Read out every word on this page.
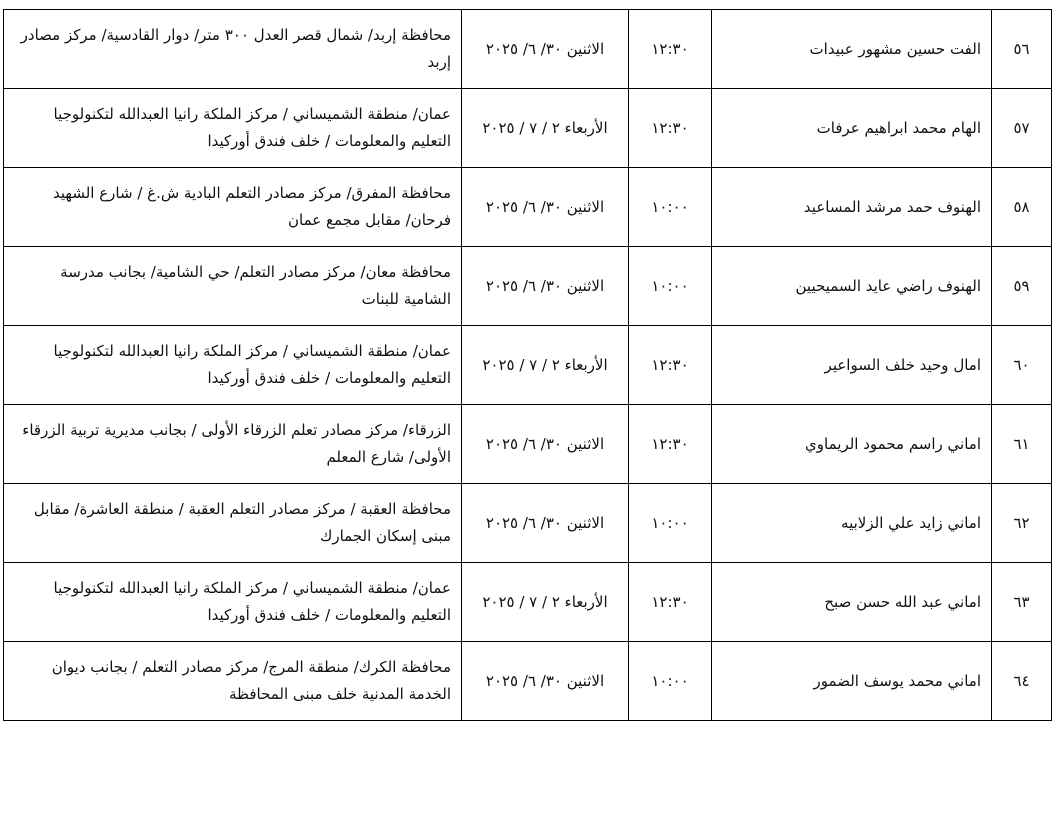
٥٦	الفت حسين مشهور عبيدات	١٢:٣٠	الاثنين ٣٠/ ٦/ ٢٠٢٥	محافظة إربد/ شمال قصر العدل ٣٠٠ متر/ دوار القادسية/ مركز مصادر إربد
٥٧	الهام محمد ابراهيم عرفات	١٢:٣٠	الأربعاء ٢ / ٧ / ٢٠٢٥	عمان/ منطقة الشميساني / مركز الملكة رانيا العبدالله لتكنولوجيا التعليم والمعلومات / خلف فندق أوركيدا
٥٨	الهنوف حمد مرشد المساعيد	١٠:٠٠	الاثنين ٣٠/ ٦/ ٢٠٢٥	محافظة المفرق/ مركز مصادر التعلم البادية ش.غ / شارع الشهيد فرحان/ مقابل مجمع عمان
٥٩	الهنوف راضي عايد السميحيين	١٠:٠٠	الاثنين ٣٠/ ٦/ ٢٠٢٥	محافظة معان/ مركز مصادر التعلم/ حي الشامية/ بجانب مدرسة الشامية للبنات
٦٠	امال وحيد خلف السواعير	١٢:٣٠	الأربعاء ٢ / ٧ / ٢٠٢٥	عمان/ منطقة الشميساني / مركز الملكة رانيا العبدالله لتكنولوجيا التعليم والمعلومات / خلف فندق أوركيدا
٦١	اماني راسم محمود الريماوي	١٢:٣٠	الاثنين ٣٠/ ٦/ ٢٠٢٥	الزرقاء/ مركز مصادر تعلم الزرقاء الأولى / بجانب مديرية تربية الزرقاء الأولى/ شارع المعلم
٦٢	اماني زايد علي الزلابيه	١٠:٠٠	الاثنين ٣٠/ ٦/ ٢٠٢٥	محافظة العقبة / مركز مصادر التعلم العقبة / منطقة العاشرة/ مقابل مبنى إسكان الجمارك
٦٣	اماني عبد الله حسن صبح	١٢:٣٠	الأربعاء ٢ / ٧ / ٢٠٢٥	عمان/ منطقة الشميساني / مركز الملكة رانيا العبدالله لتكنولوجيا التعليم والمعلومات / خلف فندق أوركيدا
٦٤	اماني محمد يوسف الضمور	١٠:٠٠	الاثنين ٣٠/ ٦/ ٢٠٢٥	محافظة الكرك/ منطقة المرج/ مركز مصادر التعلم / بجانب ديوان الخدمة المدنية خلف مبنى المحافظة
